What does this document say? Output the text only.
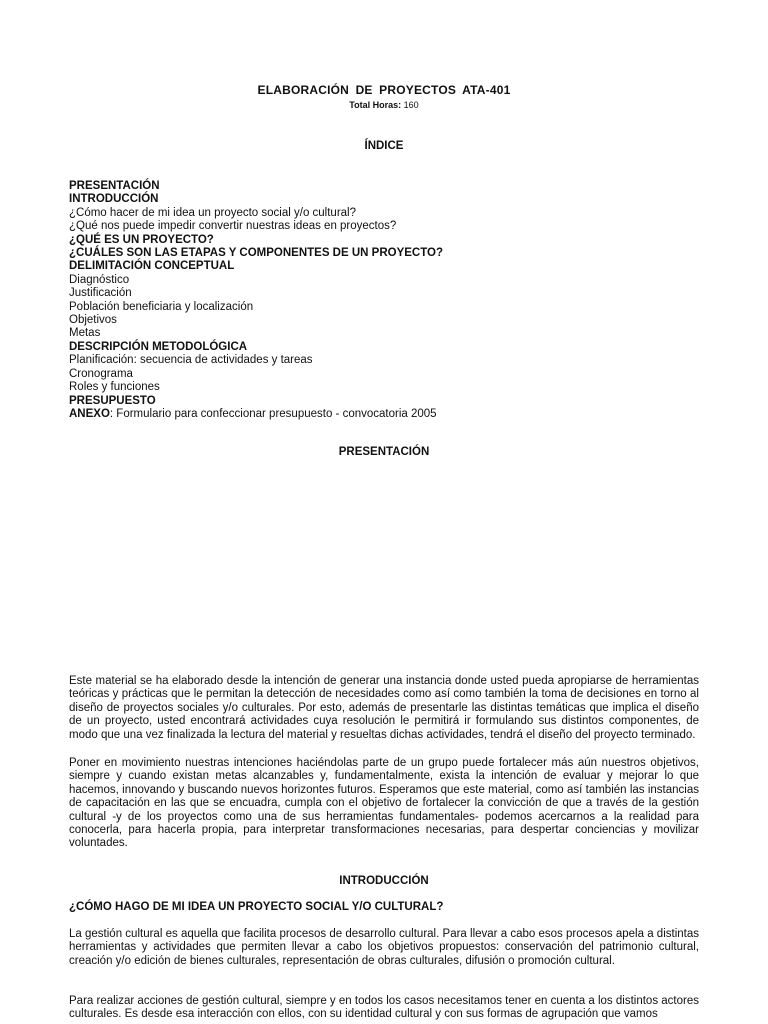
ELABORACIÓN DE PROYECTOS ATA-401
Total Horas: 160
ÍNDICE
PRESENTACIÓN
INTRODUCCIÓN
¿Cómo hacer de mi idea un proyecto social y/o cultural?
¿Qué nos puede impedir convertir nuestras ideas en proyectos?
¿QUÉ ES UN PROYECTO?
¿CUÁLES SON LAS ETAPAS Y COMPONENTES DE UN PROYECTO?
DELIMITACIÓN CONCEPTUAL
Diagnóstico
Justificación
Población beneficiaria y localización
Objetivos
Metas
DESCRIPCIÓN METODOLÓGICA
Planificación: secuencia de actividades y tareas
Cronograma
Roles y funciones
PRESUPUESTO
ANEXO: Formulario para confeccionar presupuesto - convocatoria 2005
PRESENTACIÓN

Este material se ha elaborado desde la intención de generar una instancia donde usted pueda apropiarse de herramientas teóricas y prácticas que le permitan la detección de necesidades como así como también la toma de decisiones en torno al diseño de proyectos sociales y/o culturales. Por esto, además de presentarle las distintas temáticas que implica el diseño de un proyecto, usted encontrará actividades cuya resolución le permitirá ir formulando sus distintos componentes, de modo que una vez finalizada la lectura del material y resueltas dichas actividades, tendrá el diseño del proyecto terminado.

Poner en movimiento nuestras intenciones haciéndolas parte de un grupo puede fortalecer más aún nuestros objetivos, siempre y cuando existan metas alcanzables y, fundamentalmente, exista la intención de evaluar y mejorar lo que hacemos, innovando y buscando nuevos horizontes futuros. Esperamos que este material, como así también las instancias de capacitación en las que se encuadra, cumpla con el objetivo de fortalecer la convicción de que a través de la gestión cultural -y de los proyectos como una de sus herramientas fundamentales- podemos acercarnos a la realidad para conocerla, para hacerla propia, para interpretar transformaciones necesarias, para despertar conciencias y movilizar voluntades.

INTRODUCCIÓN
¿CÓMO HAGO DE MI IDEA UN PROYECTO SOCIAL Y/O CULTURAL?

La gestión cultural es aquella que facilita procesos de desarrollo cultural. Para llevar a cabo esos procesos apela a distintas herramientas y actividades que permiten llevar a cabo los objetivos propuestos: conservación del patrimonio cultural, creación y/o edición de bienes culturales, representación de obras culturales, difusión o promoción cultural.

Para realizar acciones de gestión cultural, siempre y en todos los casos necesitamos tener en cuenta a los distintos actores culturales. Es desde esa interacción con ellos, con su identidad cultural y con sus formas de agrupación que vamos
